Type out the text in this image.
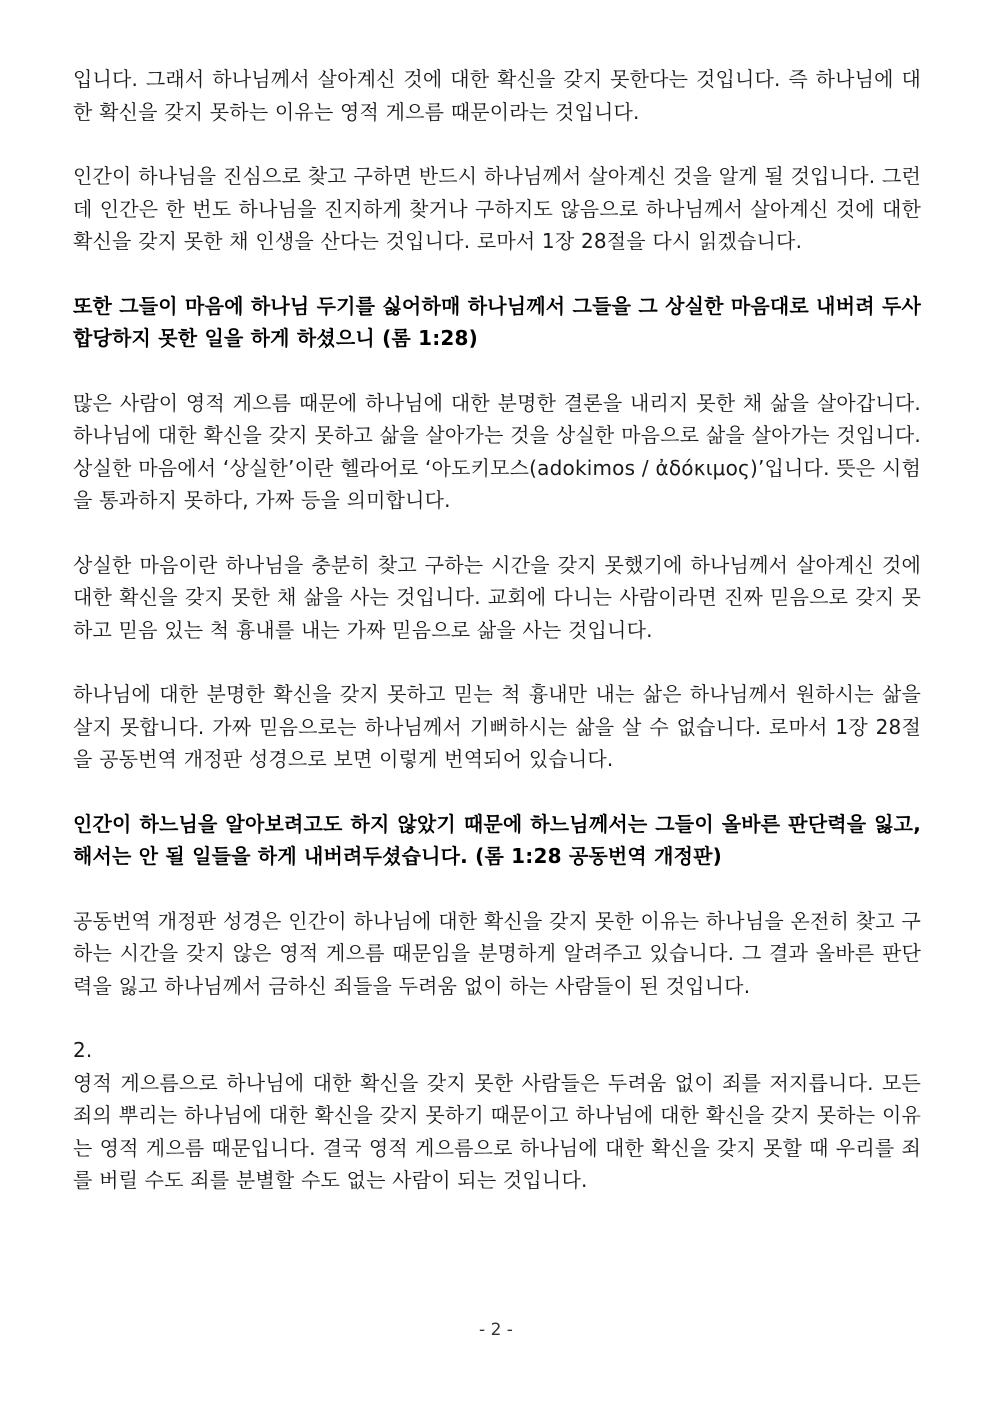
입니다. 그래서 하나님께서 살아계신 것에 대한 확신을 갖지 못한다는 것입니다. 즉 하나님에 대한 확신을 갖지 못하는 이유는 영적 게으름 때문이라는 것입니다.

인간이 하나님을 진심으로 찾고 구하면 반드시 하나님께서 살아계신 것을 알게 될 것입니다. 그런데 인간은 한 번도 하나님을 진지하게 찾거나 구하지도 않음으로 하나님께서 살아계신 것에 대한 확신을 갖지 못한 채 인생을 산다는 것입니다. 로마서 1장 28절을 다시 읽겠습니다.

또한 그들이 마음에 하나님 두기를 싫어하매 하나님께서 그들을 그 상실한 마음대로 내버려 두사 합당하지 못한 일을 하게 하셨으니 (롬 1:28)

많은 사람이 영적 게으름 때문에 하나님에 대한 분명한 결론을 내리지 못한 채 삶을 살아갑니다. 하나님에 대한 확신을 갖지 못하고 삶을 살아가는 것을 상실한 마음으로 삶을 살아가는 것입니다. 상실한 마음에서 ‘상실한’이란 헬라어로 ‘아도키모스(adokimos / ἀδόκιμος)’입니다. 뜻은 시험을 통과하지 못하다, 가짜 등을 의미합니다.

상실한 마음이란 하나님을 충분히 찾고 구하는 시간을 갖지 못했기에 하나님께서 살아계신 것에 대한 확신을 갖지 못한 채 삶을 사는 것입니다. 교회에 다니는 사람이라면 진짜 믿음으로 갖지 못하고 믿음 있는 척 흉내를 내는 가짜 믿음으로 삶을 사는 것입니다.

하나님에 대한 분명한 확신을 갖지 못하고 믿는 척 흉내만 내는 삶은 하나님께서 원하시는 삶을 살지 못합니다. 가짜 믿음으로는 하나님께서 기뻐하시는 삶을 살 수 없습니다. 로마서 1장 28절을 공동번역 개정판 성경으로 보면 이렇게 번역되어 있습니다.

인간이 하느님을 알아보려고도 하지 않았기 때문에 하느님께서는 그들이 올바른 판단력을 잃고, 해서는 안 될 일들을 하게 내버려두셨습니다. (롬 1:28 공동번역 개정판)

공동번역 개정판 성경은 인간이 하나님에 대한 확신을 갖지 못한 이유는 하나님을 온전히 찾고 구하는 시간을 갖지 않은 영적 게으름 때문임을 분명하게 알려주고 있습니다. 그 결과 올바른 판단력을 잃고 하나님께서 금하신 죄들을 두려움 없이 하는 사람들이 된 것입니다.

2.

영적 게으름으로 하나님에 대한 확신을 갖지 못한 사람들은 두려움 없이 죄를 저지릅니다. 모든 죄의 뿌리는 하나님에 대한 확신을 갖지 못하기 때문이고 하나님에 대한 확신을 갖지 못하는 이유는 영적 게으름 때문입니다. 결국 영적 게으름으로 하나님에 대한 확신을 갖지 못할 때 우리를 죄를 버릴 수도 죄를 분별할 수도 없는 사람이 되는 것입니다.

- 2 -
